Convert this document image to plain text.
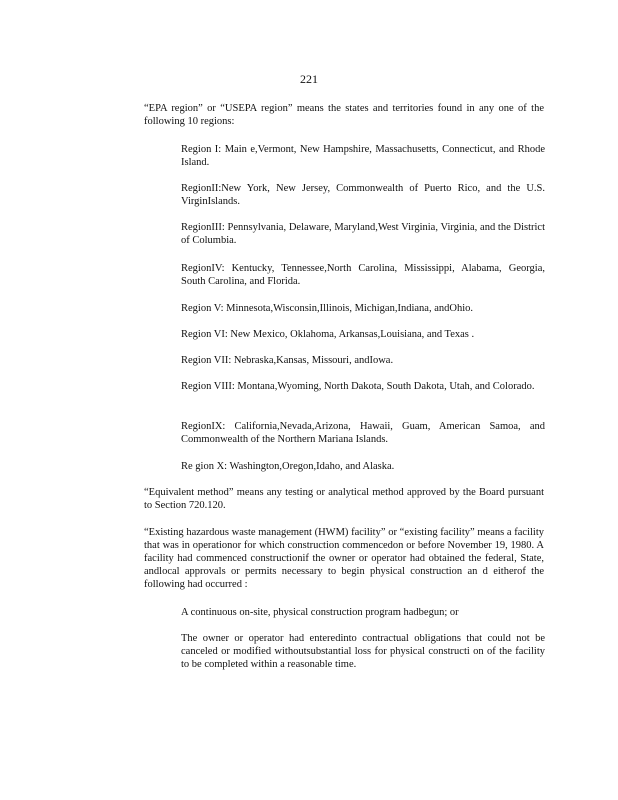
221

“EPA region” or “USEPA region” means the states and territories found in any one of the following 10 regions:

Region I: Main e,Vermont, New Hampshire, Massachusetts, Connecticut, and Rhode Island.

RegionII:New York, New Jersey, Commonwealth of Puerto Rico, and the U.S. VirginIslands.

RegionIII: Pennsylvania, Delaware, Maryland,West Virginia, Virginia, and the District of Columbia.

RegionIV: Kentucky, Tennessee,North Carolina, Mississippi, Alabama, Georgia, South Carolina, and Florida.

Region V: Minnesota,Wisconsin,Illinois, Michigan,Indiana, andOhio.

Region VI: New Mexico, Oklahoma, Arkansas,Louisiana, and Texas .

Region VII: Nebraska,Kansas, Missouri, andIowa.

Region VIII: Montana,Wyoming, North Dakota, South Dakota, Utah, and Colorado.

RegionIX: California,Nevada,Arizona, Hawaii, Guam, American Samoa, and Commonwealth of the Northern Mariana Islands.

Re gion X: Washington,Oregon,Idaho, and Alaska.

“Equivalent method” means any testing or analytical method approved by the Board pursuant to Section 720.120.

“Existing hazardous waste management (HWM) facility” or “existing facility” means a facility that was in operationor for which construction commencedon or before November 19, 1980. A facility had commenced constructionif the owner or operator had obtained the federal, State, andlocal approvals or permits necessary to begin physical construction an d eitherof the following had occurred :

A continuous on-site, physical construction program hadbegun; or

The owner or operator had enteredinto contractual obligations that could not be canceled or modified withoutsubstantial loss for physical constructi on of the facility to be completed within a reasonable time.
